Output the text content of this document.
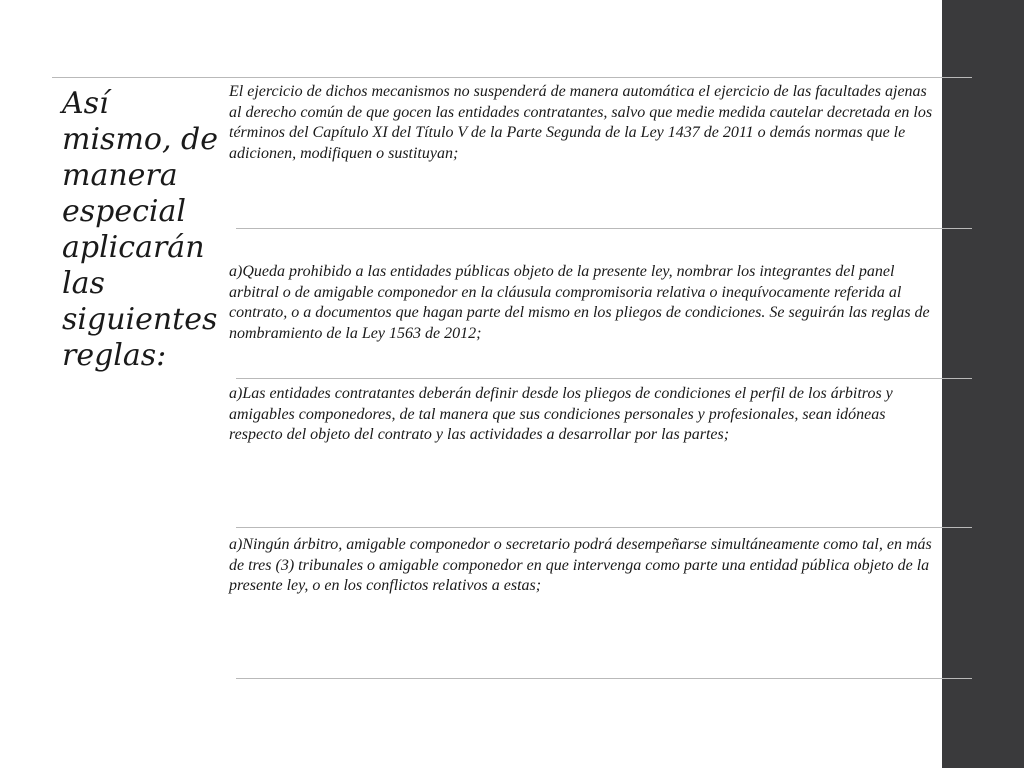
Así mismo, de manera especial aplicarán las siguientes reglas:

El ejercicio de dichos mecanismos no suspenderá de manera automática el ejercicio de las facultades ajenas al derecho común de que gocen las entidades contratantes, salvo que medie medida cautelar decretada en los términos del Capítulo XI del Título V de la Parte Segunda de la Ley 1437 de 2011 o demás normas que le adicionen, modifiquen o sustituyan;

a)Queda prohibido a las entidades públicas objeto de la presente ley, nombrar los integrantes del panel arbitral o de amigable componedor en la cláusula compromisoria relativa o inequívocamente referida al contrato, o a documentos que hagan parte del mismo en los pliegos de condiciones. Se seguirán las reglas de nombramiento de la Ley 1563 de 2012;

a)Las entidades contratantes deberán definir desde los pliegos de condiciones el perfil de los árbitros y amigables componedores, de tal manera que sus condiciones personales y profesionales, sean idóneas respecto del objeto del contrato y las actividades a desarrollar por las partes;

a)Ningún árbitro, amigable componedor o secretario podrá desempeñarse simultáneamente como tal, en más de tres (3) tribunales o amigable componedor en que intervenga como parte una entidad pública objeto de la presente ley, o en los conflictos relativos a estas;
